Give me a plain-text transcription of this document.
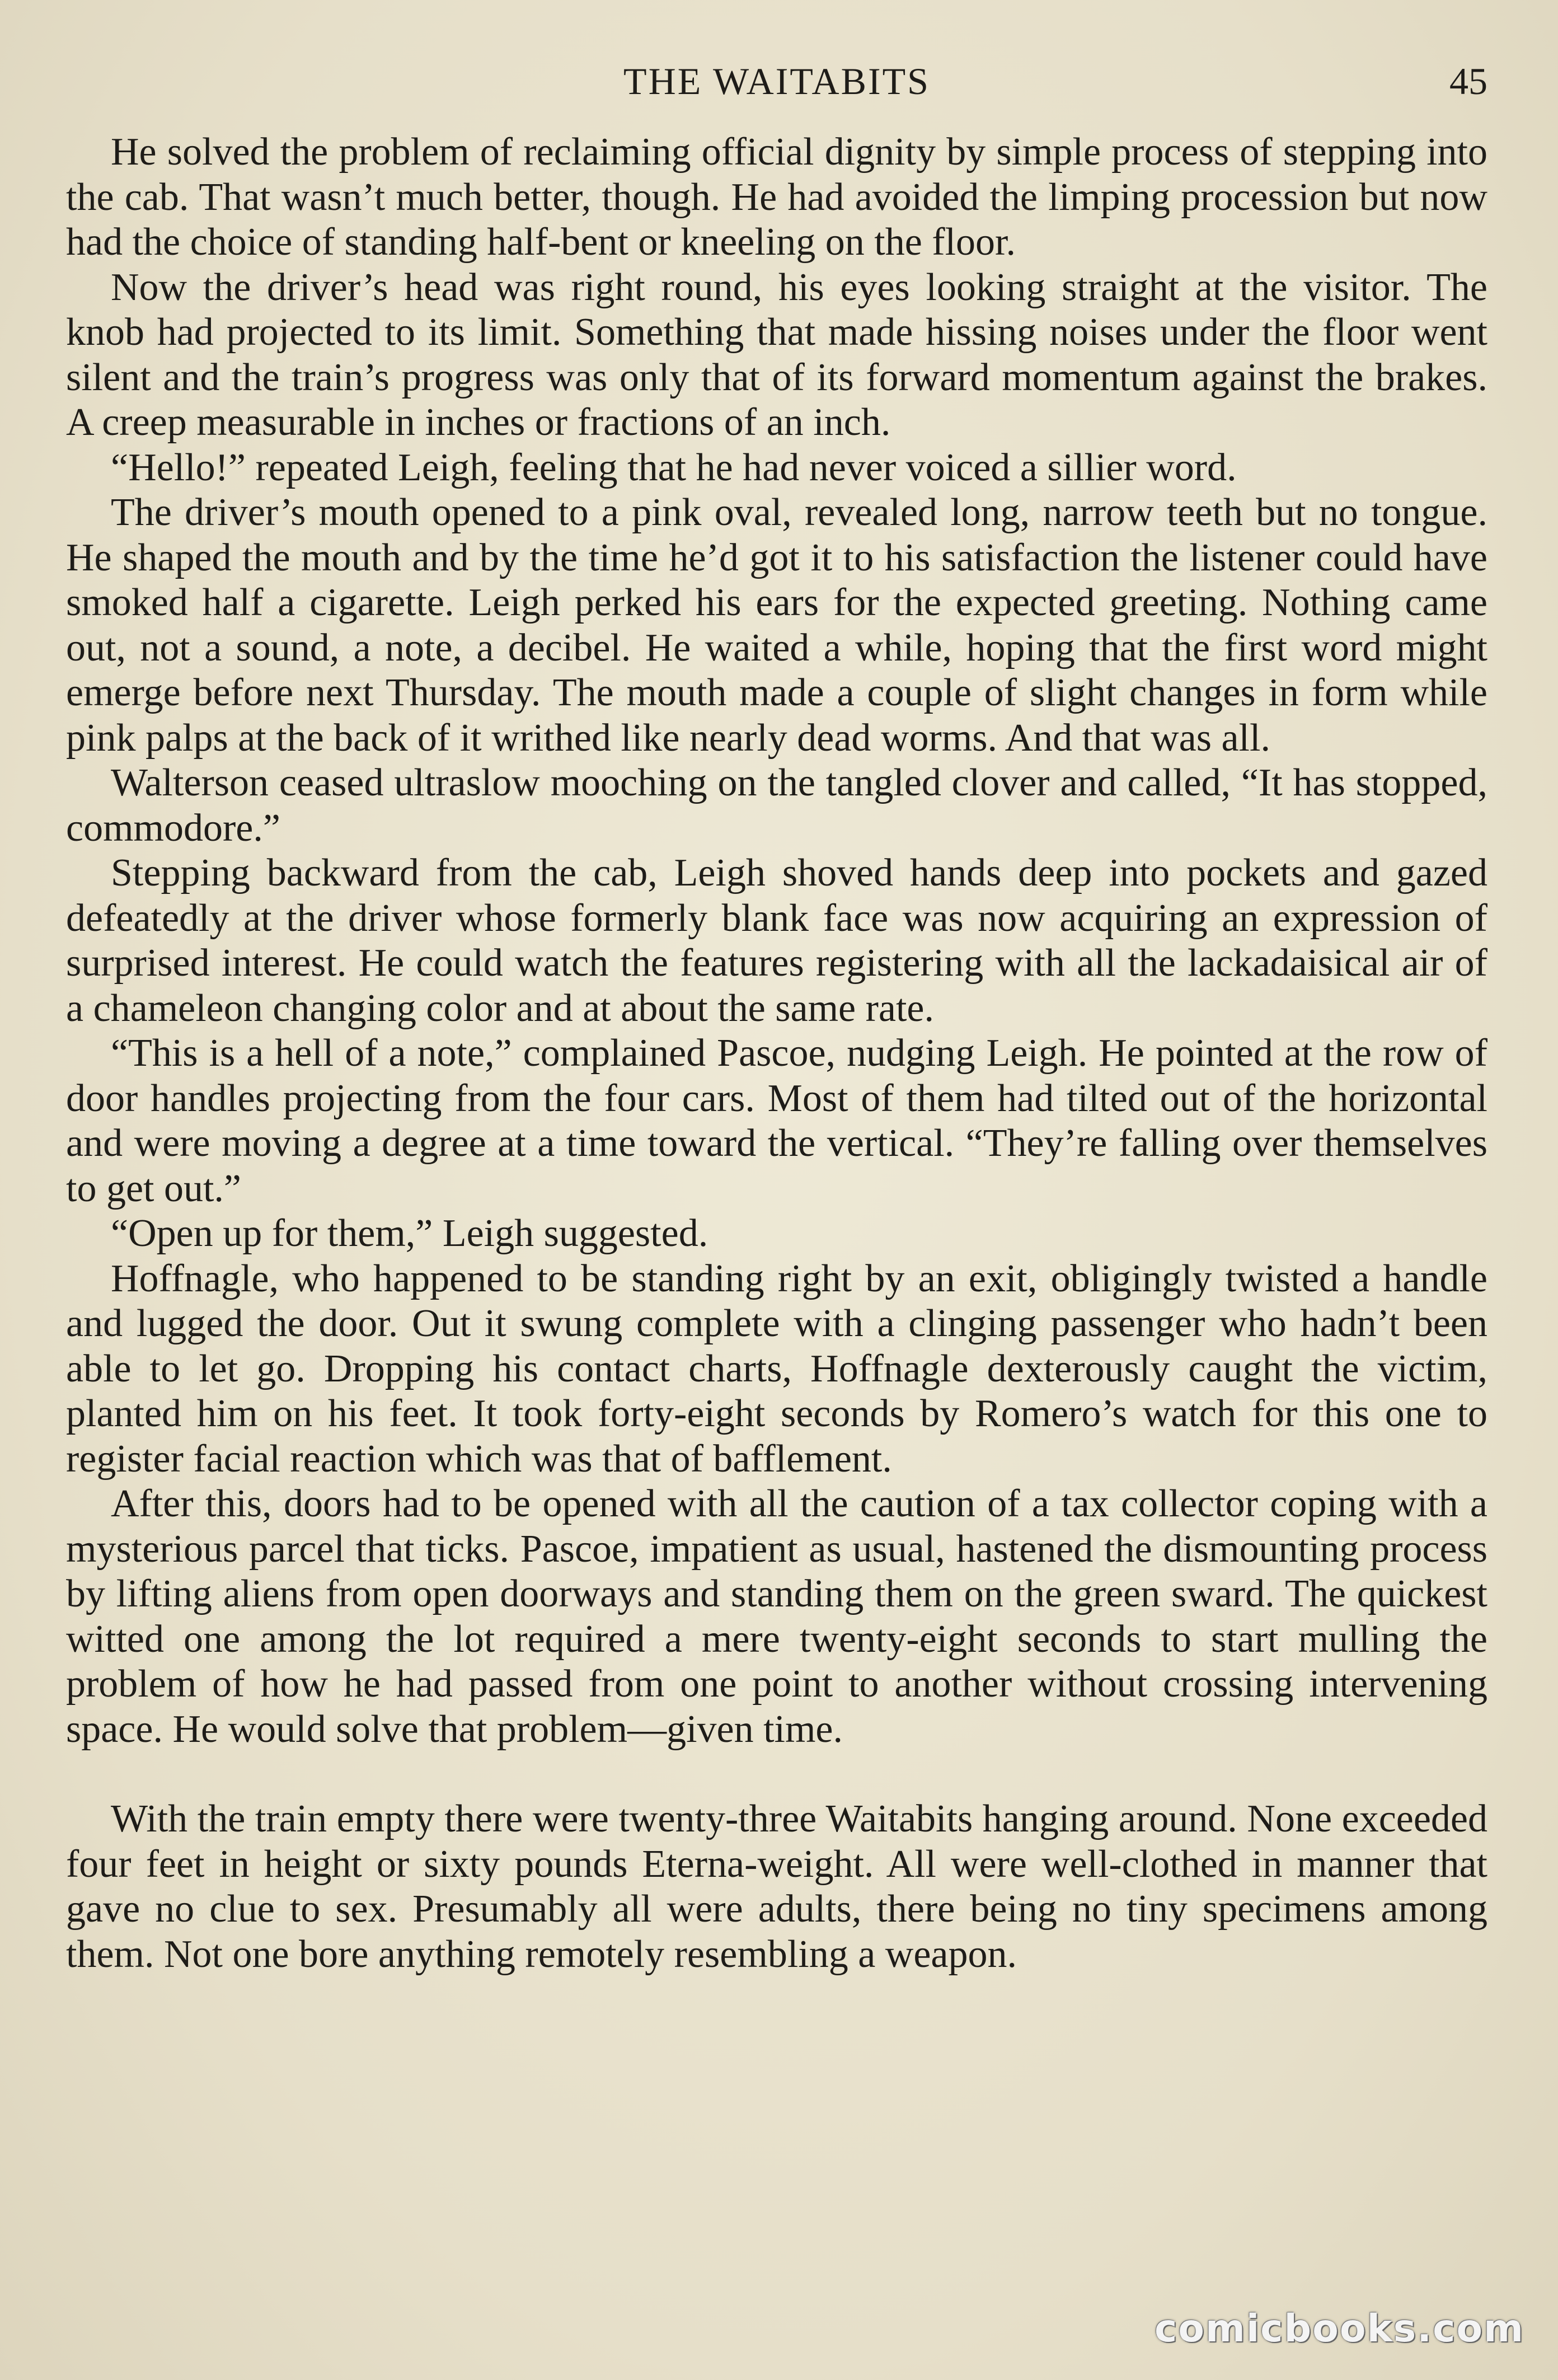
THE WAITABITS	45

He solved the problem of reclaiming official dignity by simple process of stepping into the cab. That wasn’t much better, though. He had avoided the limping procession but now had the choice of standing half-bent or kneeling on the floor.

Now the driver’s head was right round, his eyes looking straight at the visitor. The knob had projected to its limit. Something that made hissing noises under the floor went silent and the train’s progress was only that of its forward momentum against the brakes. A creep measurable in inches or fractions of an inch.

“Hello!” repeated Leigh, feeling that he had never voiced a sillier word.

The driver’s mouth opened to a pink oval, revealed long, narrow teeth but no tongue. He shaped the mouth and by the time he’d got it to his satisfaction the listener could have smoked half a cigarette. Leigh perked his ears for the expected greeting. Nothing came out, not a sound, a note, a decibel. He waited a while, hoping that the first word might emerge before next Thursday. The mouth made a couple of slight changes in form while pink palps at the back of it writhed like nearly dead worms. And that was all.

Walterson ceased ultraslow mooching on the tangled clover and called, “It has stopped, commodore.”

Stepping backward from the cab, Leigh shoved hands deep into pockets and gazed defeatedly at the driver whose formerly blank face was now acquiring an expression of surprised interest. He could watch the features registering with all the lackadaisical air of a chameleon changing color and at about the same rate.

“This is a hell of a note,” complained Pascoe, nudging Leigh. He pointed at the row of door handles projecting from the four cars. Most of them had tilted out of the horizontal and were moving a degree at a time toward the vertical. “They’re falling over themselves to get out.”

“Open up for them,” Leigh suggested.

Hoffnagle, who happened to be standing right by an exit, obligingly twisted a handle and lugged the door. Out it swung complete with a clinging passenger who hadn’t been able to let go. Dropping his contact charts, Hoffnagle dexterously caught the victim, planted him on his feet. It took forty-eight seconds by Romero’s watch for this one to register facial reaction which was that of bafflement.

After this, doors had to be opened with all the caution of a tax collector coping with a mysterious parcel that ticks. Pascoe, impatient as usual, hastened the dismounting process by lifting aliens from open doorways and standing them on the green sward. The quickest witted one among the lot required a mere twenty-eight seconds to start mulling the problem of how he had passed from one point to another without crossing intervening space. He would solve that problem—given time.

With the train empty there were twenty-three Waitabits hanging around. None exceeded four feet in height or sixty pounds Eterna-weight. All were well-clothed in manner that gave no clue to sex. Presumably all were adults, there being no tiny specimens among them. Not one bore anything remotely resembling a weapon.

comicbooks.com
